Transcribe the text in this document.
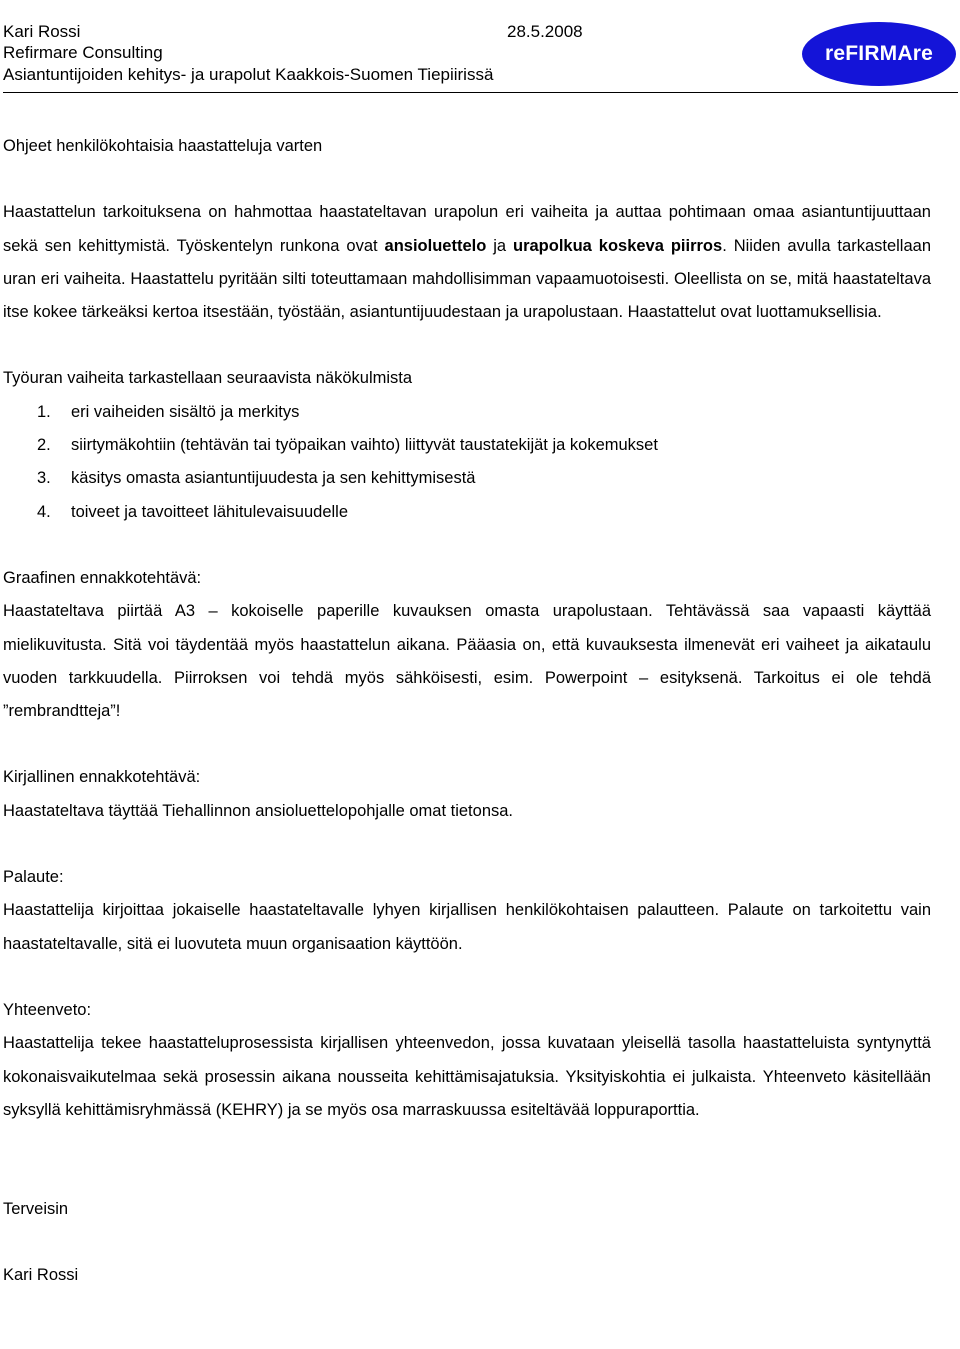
Kari Rossi	28.5.2008
Refirmare Consulting
Asiantuntijoiden kehitys- ja urapolut Kaakkois-Suomen Tiepiirissä
reFIRMAre

Ohjeet henkilökohtaisia haastatteluja varten

Haastattelun tarkoituksena on hahmottaa haastateltavan urapolun eri vaiheita ja auttaa pohtimaan omaa asiantuntijuuttaan sekä sen kehittymistä. Työskentelyn runkona ovat ansioluettelo ja urapolkua koskeva piirros. Niiden avulla tarkastellaan uran eri vaiheita. Haastattelu pyritään silti toteuttamaan mahdollisimman vapaamuotoisesti. Oleellista on se, mitä haastateltava itse kokee tärkeäksi kertoa itsestään, työstään, asiantuntijuudestaan ja urapolustaan. Haastattelut ovat luottamuksellisia.

Työuran vaiheita tarkastellaan seuraavista näkökulmista

1.	eri vaiheiden sisältö ja merkitys
2.	siirtymäkohtiin (tehtävän tai työpaikan vaihto) liittyvät taustatekijät ja kokemukset
3.	käsitys omasta asiantuntijuudesta ja sen kehittymisestä
4.	toiveet ja tavoitteet lähitulevaisuudelle

Graafinen ennakkotehtävä:

Haastateltava piirtää A3 – kokoiselle paperille kuvauksen omasta urapolustaan. Tehtävässä saa vapaasti käyttää mielikuvitusta. Sitä voi täydentää myös haastattelun aikana. Pääasia on, että kuvauksesta ilmenevät eri vaiheet ja aikataulu vuoden tarkkuudella. Piirroksen voi tehdä myös sähköisesti, esim. Powerpoint – esityksenä. Tarkoitus ei ole tehdä ”rembrandtteja”!

Kirjallinen ennakkotehtävä:

Haastateltava täyttää Tiehallinnon ansioluettelopohjalle omat tietonsa.

Palaute:

Haastattelija kirjoittaa jokaiselle haastateltavalle lyhyen kirjallisen henkilökohtaisen palautteen. Palaute on tarkoitettu vain haastateltavalle, sitä ei luovuteta muun organisaation käyttöön.

Yhteenveto:

Haastattelija tekee haastatteluprosessista kirjallisen yhteenvedon, jossa kuvataan yleisellä tasolla haastatteluista syntynyttä kokonaisvaikutelmaa sekä prosessin aikana nousseita kehittämisajatuksia. Yksityiskohtia ei julkaista. Yhteenveto käsitellään syksyllä kehittämisryhmässä (KEHRY) ja se myös osa marraskuussa esiteltävää loppuraporttia.

Terveisin

Kari Rossi
